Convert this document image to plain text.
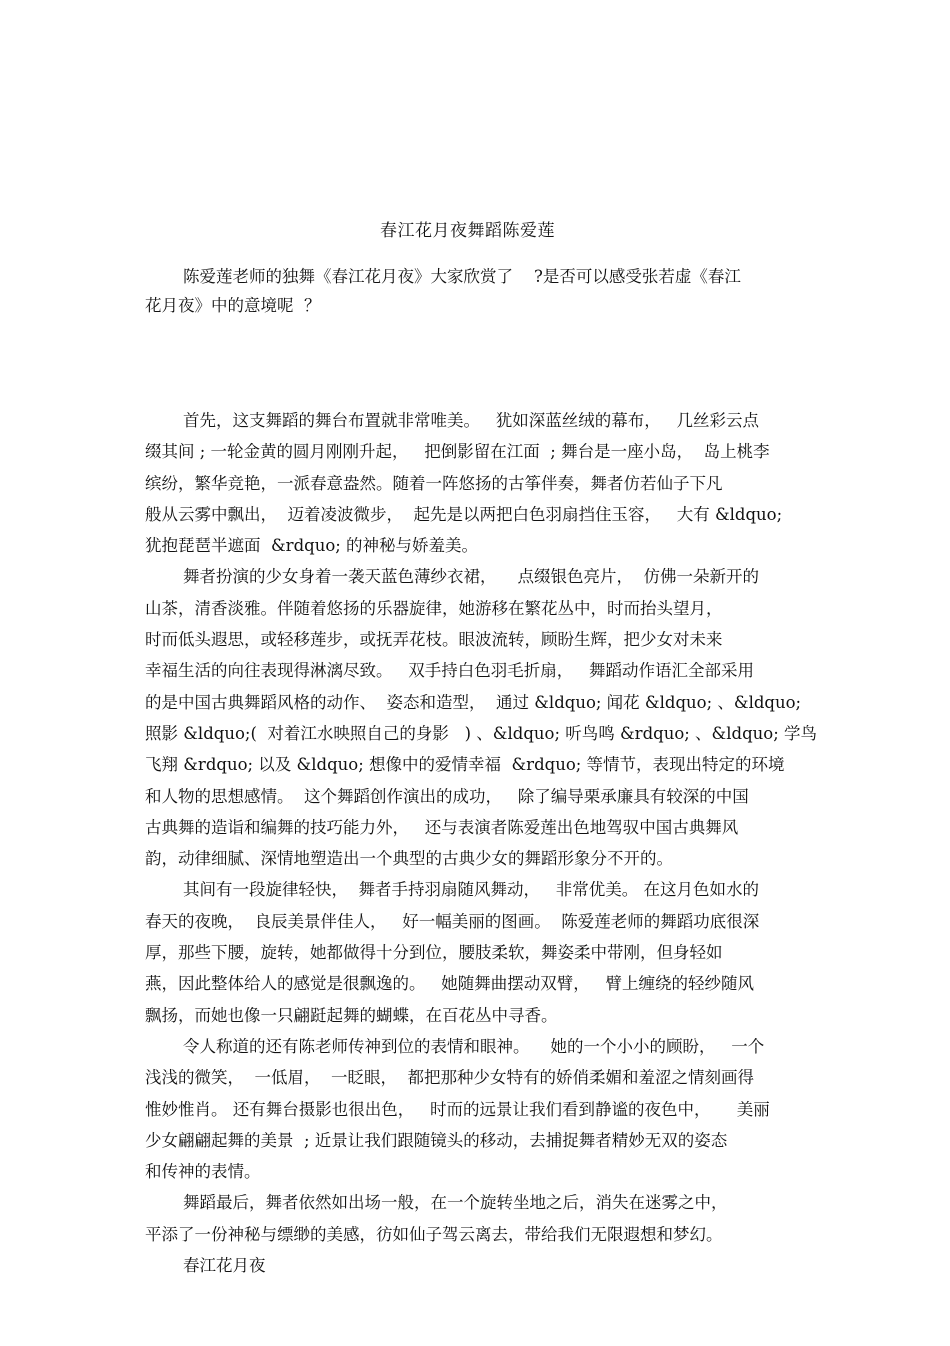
春江花月夜舞蹈陈爱莲
陈爱莲老师的独舞《春江花月夜》大家欣赏了    ?是否可以感受张若虚《春江
花月夜》中的意境呢  ？
首先，这支舞蹈的舞台布置就非常唯美。   犹如深蓝丝绒的幕布，   几丝彩云点
缀其间 ; 一轮金黄的圆月刚刚升起，   把倒影留在江面  ; 舞台是一座小岛，  岛上桃李
缤纷，繁华竞艳，一派春意盎然。随着一阵悠扬的古筝伴奏，舞者仿若仙子下凡
般从云雾中飘出，  迈着凌波微步，  起先是以两把白色羽扇挡住玉容，   大有 &ldquo;
犹抱琵琶半遮面  &rdquo; 的神秘与娇羞美。
舞者扮演的少女身着一袭天蓝色薄纱衣裙，    点缀银色亮片，  仿佛一朵新开的
山茶，清香淡雅。伴随着悠扬的乐器旋律，她游移在繁花丛中，时而抬头望月，
时而低头遐思，或轻移莲步，或抚弄花枝。眼波流转，顾盼生辉，把少女对未来
幸福生活的向往表现得淋漓尽致。   双手持白色羽毛折扇，   舞蹈动作语汇全部采用
的是中国古典舞蹈风格的动作、  姿态和造型，  通过 &ldquo; 闻花 &ldquo; 、&ldquo;
照影 &ldquo;(  对着江水映照自己的身影   ) 、&ldquo; 听鸟鸣 &rdquo; 、&ldquo; 学鸟
飞翔 &rdquo; 以及 &ldquo; 想像中的爱情幸福  &rdquo; 等情节，表现出特定的环境
和人物的思想感情。  这个舞蹈创作演出的成功，   除了编导栗承廉具有较深的中国
古典舞的造诣和编舞的技巧能力外，   还与表演者陈爱莲出色地驾驭中国古典舞风
韵，动律细腻、深情地塑造出一个典型的古典少女的舞蹈形象分不开的。
其间有一段旋律轻快，  舞者手持羽扇随风舞动，   非常优美。 在这月色如水的
春天的夜晚，  良辰美景伴佳人，   好一幅美丽的图画。  陈爱莲老师的舞蹈功底很深
厚，那些下腰，旋转，她都做得十分到位，腰肢柔软，舞姿柔中带刚，但身轻如
燕，因此整体给人的感觉是很飘逸的。   她随舞曲摆动双臂，   臂上缠绕的轻纱随风
飘扬，而她也像一只翩跹起舞的蝴蝶，在百花丛中寻香。
令人称道的还有陈老师传神到位的表情和眼神。    她的一个小小的顾盼，   一个
浅浅的微笑，  一低眉，  一眨眼，  都把那种少女特有的娇俏柔媚和羞涩之情刻画得
惟妙惟肖。 还有舞台摄影也很出色，   时而的远景让我们看到静谧的夜色中，     美丽
少女翩翩起舞的美景  ; 近景让我们跟随镜头的移动，去捕捉舞者精妙无双的姿态
和传神的表情。
舞蹈最后，舞者依然如出场一般，在一个旋转坐地之后，消失在迷雾之中，
平添了一份神秘与缥缈的美感，彷如仙子驾云离去，带给我们无限遐想和梦幻。
春江花月夜
